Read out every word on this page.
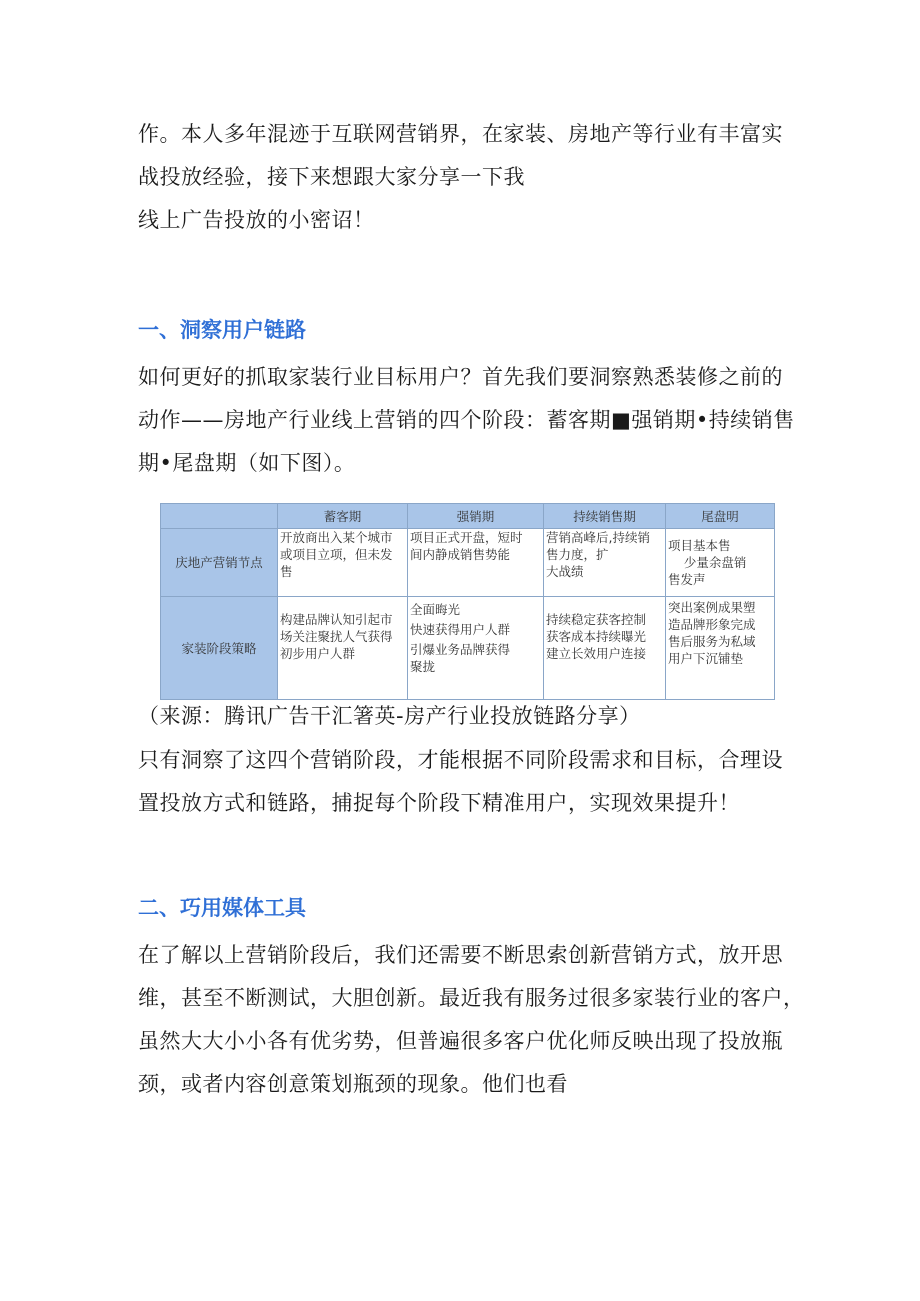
作。本人多年混迹于互联网营销界，在家装、房地产等行业有丰富实
战投放经验，接下来想跟大家分享一下我
线上广告投放的小密诏！

一、洞察用户链路

如何更好的抓取家装行业目标用户？首先我们要洞察熟悉装修之前的
动作——房地产行业线上营销的四个阶段：蓄客期■强销期•持续销售
期•尾盘期（如下图）。

	蓄客期	强销期	持续销售期	尾盘明
庆地产营销节点	开放商出入某个城市
或项目立项，但未发
售	项目正式开盘，短时
间内静成销售势能	营销高峰后,持续销
售力度，扩
大战绩	项目基本售
少量余盘销
售发声

家装阶段策略	构建品牌认知引起市
场关注聚扰人气获得
初步用户人群	全面晦光
快速获得用户人群
引爆业务品牌获得
聚拢	持续稳定获客控制
获客成本持续曝光
建立长效用户连接	突出案例成果塑
造品牌形象完成
售后服务为私域
用户下沉铺垫

（来源：腾讯广告干汇箸英-房产行业投放链路分享）

只有洞察了这四个营销阶段，才能根据不同阶段需求和目标，合理设
置投放方式和链路，捕捉每个阶段下精准用户，实现效果提升！

二、巧用媒体工具

在了解以上营销阶段后，我们还需要不断思索创新营销方式，放开思
维，甚至不断测试，大胆创新。最近我有服务过很多家装行业的客户，
虽然大大小小各有优劣势，但普遍很多客户优化师反映出现了投放瓶
颈，或者内容创意策划瓶颈的现象。他们也看
